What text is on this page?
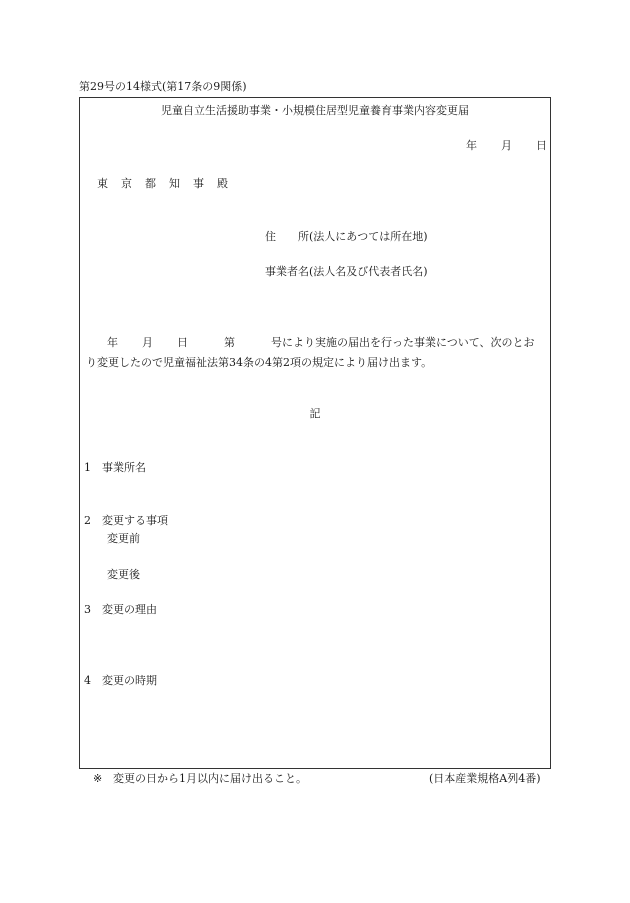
第29号の14様式(第17条の9関係)
児童自立生活援助事業・小規模住居型児童養育事業内容変更届
年 月 日
東 京 都 知 事 殿
住　　所(法人にあつては所在地)
事業者名(法人名及び代表者氏名)
年 月 日	第	号により実施の届出を行った事業について、次のとお
り変更したので児童福祉法第34条の4第2項の規定により届け出ます。
記
1　事業所名
2　変更する事項
変更前
変更後
3　変更の理由
4　変更の時期
※ 変更の日から1月以内に届け出ること。	(日本産業規格A列4番)
